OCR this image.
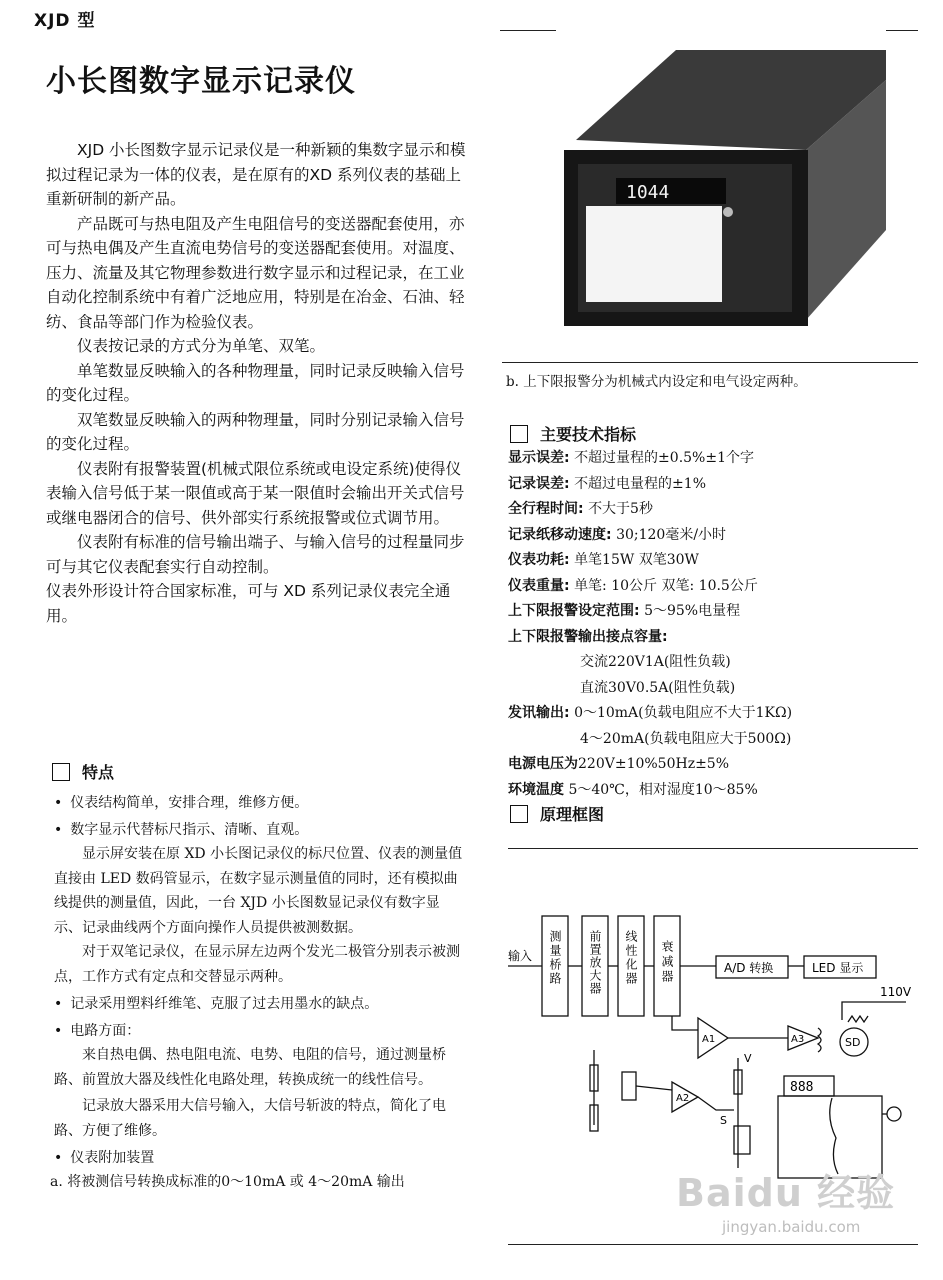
XJD 型
小长图数字显示记录仪

XJD 小长图数字显示记录仪是一种新颖的集数字显示和模拟过程记录为一体的仪表，是在原有的XD 系列仪表的基础上重新研制的新产品。

产品既可与热电阻及产生电阻信号的变送器配套使用，亦可与热电偶及产生直流电势信号的变送器配套使用。对温度、压力、流量及其它物理参数进行数字显示和过程记录，在工业自动化控制系统中有着广泛地应用，特别是在冶金、石油、轻纺、食品等部门作为检验仪表。

仪表按记录的方式分为单笔、双笔。

单笔数显反映输入的各种物理量，同时记录反映输入信号的变化过程。

双笔数显反映输入的两种物理量，同时分别记录输入信号的变化过程。

仪表附有报警装置(机械式限位系统或电设定系统)使得仪表输入信号低于某一限值或高于某一限值时会输出开关式信号或继电器闭合的信号、供外部实行系统报警或位式调节用。

仪表附有标准的信号输出端子、与输入信号的过程量同步可与其它仪表配套实行自动控制。

仪表外形设计符合国家标准，可与 XD 系列记录仪表完全通用。

特点
• 仪表结构简单，安排合理，维修方便。
• 数字显示代替标尺指示、清晰、直观。

显示屏安装在原 XD 小长图记录仪的标尺位置、仪表的测量值直接由 LED 数码管显示，在数字显示测量值的同时，还有模拟曲线提供的测量值，因此，一台 XJD 小长图数显记录仪有数字显示、记录曲线两个方面向操作人员提供被测数据。

对于双笔记录仪，在显示屏左边两个发光二极管分别表示被测点，工作方式有定点和交替显示两种。

• 记录采用塑料纤维笔、克服了过去用墨水的缺点。
• 电路方面：

来自热电偶、热电阻电流、电势、电阻的信号，通过测量桥路、前置放大器及线性化电路处理，转换成统一的线性信号。

记录放大器采用大信号输入，大信号斩波的特点，简化了电路、方便了维修。

• 仪表附加装置
a. 将被测信号转换成标准的0～10mA 或 4～20mA 输出
1044
b. 上下限报警分为机械式内设定和电气设定两种。
主要技术指标
显示误差: 不超过量程的±0.5%±1个字
记录误差: 不超过电量程的±1%
全行程时间: 不大于5秒
记录纸移动速度: 30;120毫米/小时
仪表功耗: 单笔15W 双笔30W
仪表重量: 单笔: 10公斤 双笔: 10.5公斤
上下限报警设定范围: 5～95%电量程
上下限报警输出接点容量:
交流220V1A(阻性负载)
直流30V0.5A(阻性负载)
发讯输出: 0～10mA(负载电阻应不大于1KΩ)
4～20mA(负载电阻应大于500Ω)
电源电压为220V±10%50Hz±5%
环境温度 5～40℃，相对湿度10～85%
原理框图
输入 测量桥路 前置放大器 线性化器 衰减器	A/D 转换	LED 显示
A1
A2
A3	SD
110V
V
S
888
Baidu 经验
jingyan.baidu.com
